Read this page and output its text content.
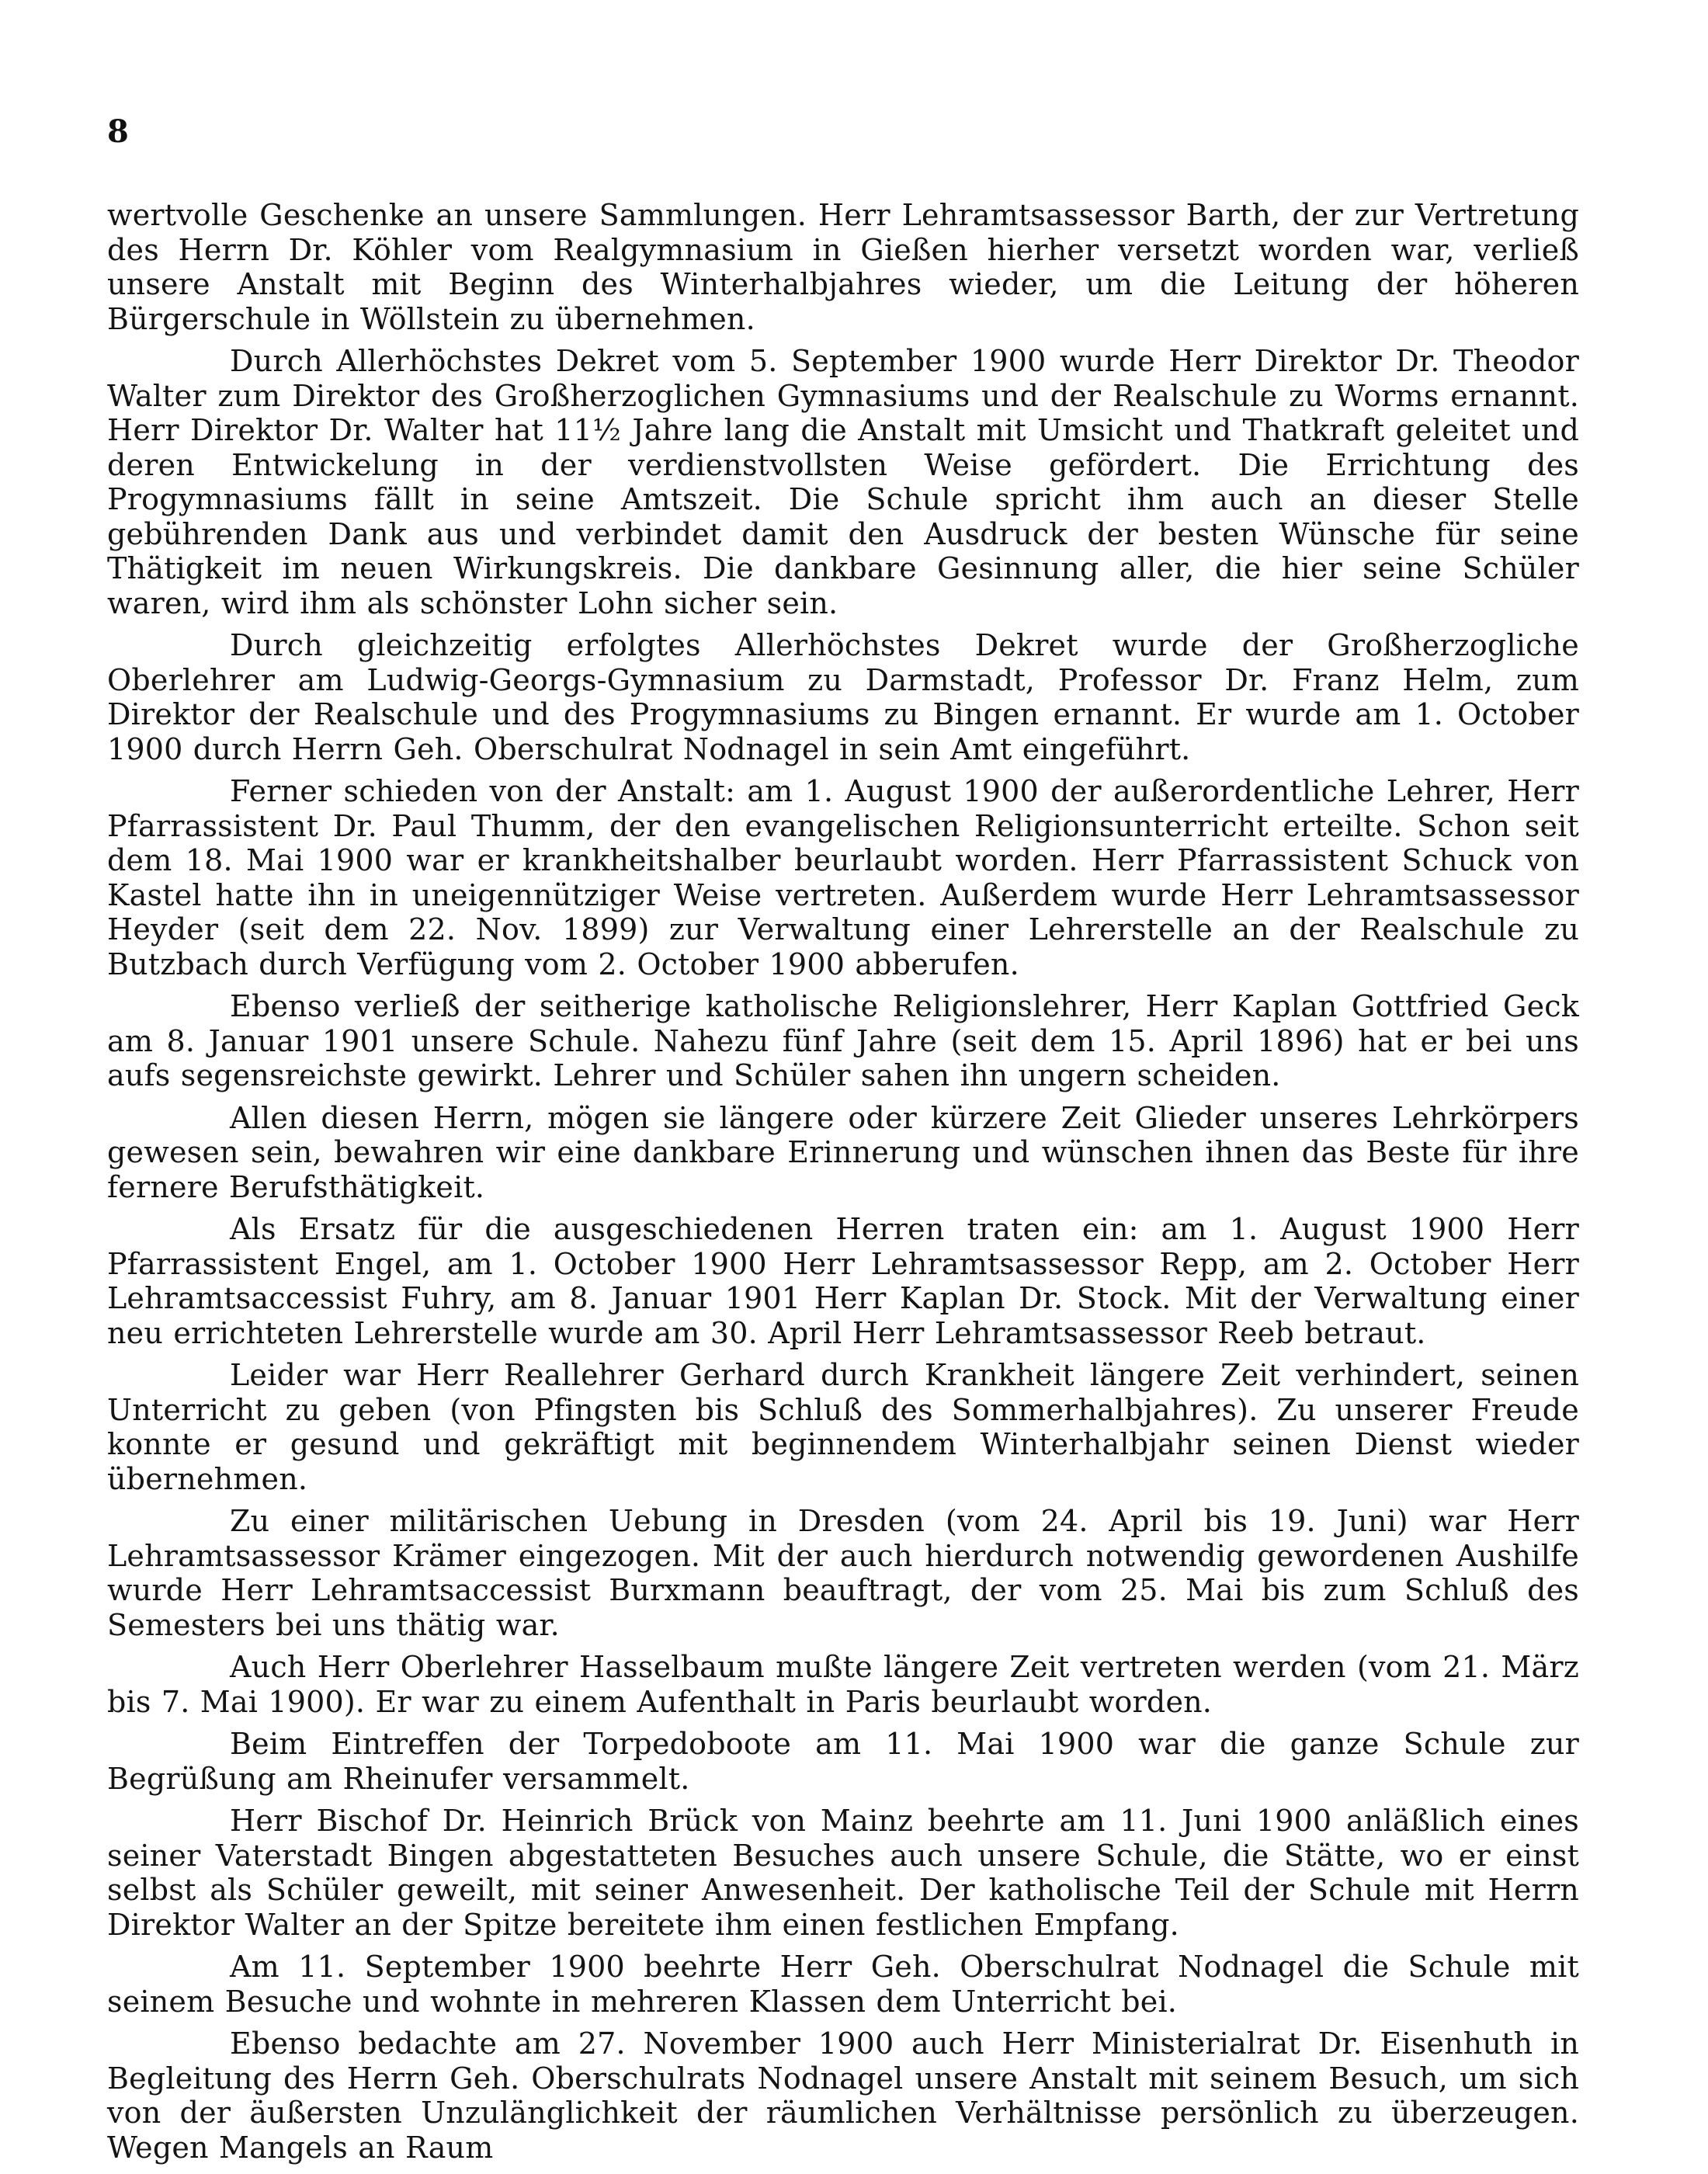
8

wertvolle Geschenke an unsere Sammlungen. Herr Lehramtsassessor Barth, der zur Vertretung des Herrn Dr. Köhler vom Realgymnasium in Gießen hierher versetzt worden war, verließ unsere Anstalt mit Beginn des Winterhalbjahres wieder, um die Leitung der höheren Bürgerschule in Wöllstein zu übernehmen.

Durch Allerhöchstes Dekret vom 5. September 1900 wurde Herr Direktor Dr. Theodor Walter zum Direktor des Großherzoglichen Gymnasiums und der Realschule zu Worms ernannt. Herr Direktor Dr. Walter hat 11½ Jahre lang die Anstalt mit Umsicht und Thatkraft geleitet und deren Entwickelung in der verdienstvollsten Weise gefördert. Die Errichtung des Progymnasiums fällt in seine Amtszeit. Die Schule spricht ihm auch an dieser Stelle gebührenden Dank aus und verbindet damit den Ausdruck der besten Wünsche für seine Thätigkeit im neuen Wirkungskreis. Die dankbare Gesinnung aller, die hier seine Schüler waren, wird ihm als schönster Lohn sicher sein.

Durch gleichzeitig erfolgtes Allerhöchstes Dekret wurde der Großherzogliche Oberlehrer am Ludwig-Georgs-Gymnasium zu Darmstadt, Professor Dr. Franz Helm, zum Direktor der Realschule und des Progymnasiums zu Bingen ernannt. Er wurde am 1. October 1900 durch Herrn Geh. Oberschulrat Nodnagel in sein Amt eingeführt.

Ferner schieden von der Anstalt: am 1. August 1900 der außerordentliche Lehrer, Herr Pfarrassistent Dr. Paul Thumm, der den evangelischen Religionsunterricht erteilte. Schon seit dem 18. Mai 1900 war er krankheitshalber beurlaubt worden. Herr Pfarrassistent Schuck von Kastel hatte ihn in uneigennütziger Weise vertreten. Außerdem wurde Herr Lehramtsassessor Heyder (seit dem 22. Nov. 1899) zur Verwaltung einer Lehrerstelle an der Realschule zu Butzbach durch Verfügung vom 2. October 1900 abberufen.

Ebenso verließ der seitherige katholische Religionslehrer, Herr Kaplan Gottfried Geck am 8. Januar 1901 unsere Schule. Nahezu fünf Jahre (seit dem 15. April 1896) hat er bei uns aufs segensreichste gewirkt. Lehrer und Schüler sahen ihn ungern scheiden.

Allen diesen Herrn, mögen sie längere oder kürzere Zeit Glieder unseres Lehrkörpers gewesen sein, bewahren wir eine dankbare Erinnerung und wünschen ihnen das Beste für ihre fernere Berufsthätigkeit.

Als Ersatz für die ausgeschiedenen Herren traten ein: am 1. August 1900 Herr Pfarrassistent Engel, am 1. October 1900 Herr Lehramtsassessor Repp, am 2. October Herr Lehramtsaccessist Fuhry, am 8. Januar 1901 Herr Kaplan Dr. Stock. Mit der Verwaltung einer neu errichteten Lehrerstelle wurde am 30. April Herr Lehramtsassessor Reeb betraut.

Leider war Herr Reallehrer Gerhard durch Krankheit längere Zeit verhindert, seinen Unterricht zu geben (von Pfingsten bis Schluß des Sommerhalbjahres). Zu unserer Freude konnte er gesund und gekräftigt mit beginnendem Winterhalbjahr seinen Dienst wieder übernehmen.

Zu einer militärischen Uebung in Dresden (vom 24. April bis 19. Juni) war Herr Lehramtsassessor Krämer eingezogen. Mit der auch hierdurch notwendig gewordenen Aushilfe wurde Herr Lehramtsaccessist Burxmann beauftragt, der vom 25. Mai bis zum Schluß des Semesters bei uns thätig war.

Auch Herr Oberlehrer Hasselbaum mußte längere Zeit vertreten werden (vom 21. März bis 7. Mai 1900). Er war zu einem Aufenthalt in Paris beurlaubt worden.

Beim Eintreffen der Torpedoboote am 11. Mai 1900 war die ganze Schule zur Begrüßung am Rheinufer versammelt.

Herr Bischof Dr. Heinrich Brück von Mainz beehrte am 11. Juni 1900 anläßlich eines seiner Vaterstadt Bingen abgestatteten Besuches auch unsere Schule, die Stätte, wo er einst selbst als Schüler geweilt, mit seiner Anwesenheit. Der katholische Teil der Schule mit Herrn Direktor Walter an der Spitze bereitete ihm einen festlichen Empfang.

Am 11. September 1900 beehrte Herr Geh. Oberschulrat Nodnagel die Schule mit seinem Besuche und wohnte in mehreren Klassen dem Unterricht bei.

Ebenso bedachte am 27. November 1900 auch Herr Ministerialrat Dr. Eisenhuth in Begleitung des Herrn Geh. Oberschulrats Nodnagel unsere Anstalt mit seinem Besuch, um sich von der äußersten Unzulänglichkeit der räumlichen Verhältnisse persönlich zu überzeugen. Wegen Mangels an Raum
